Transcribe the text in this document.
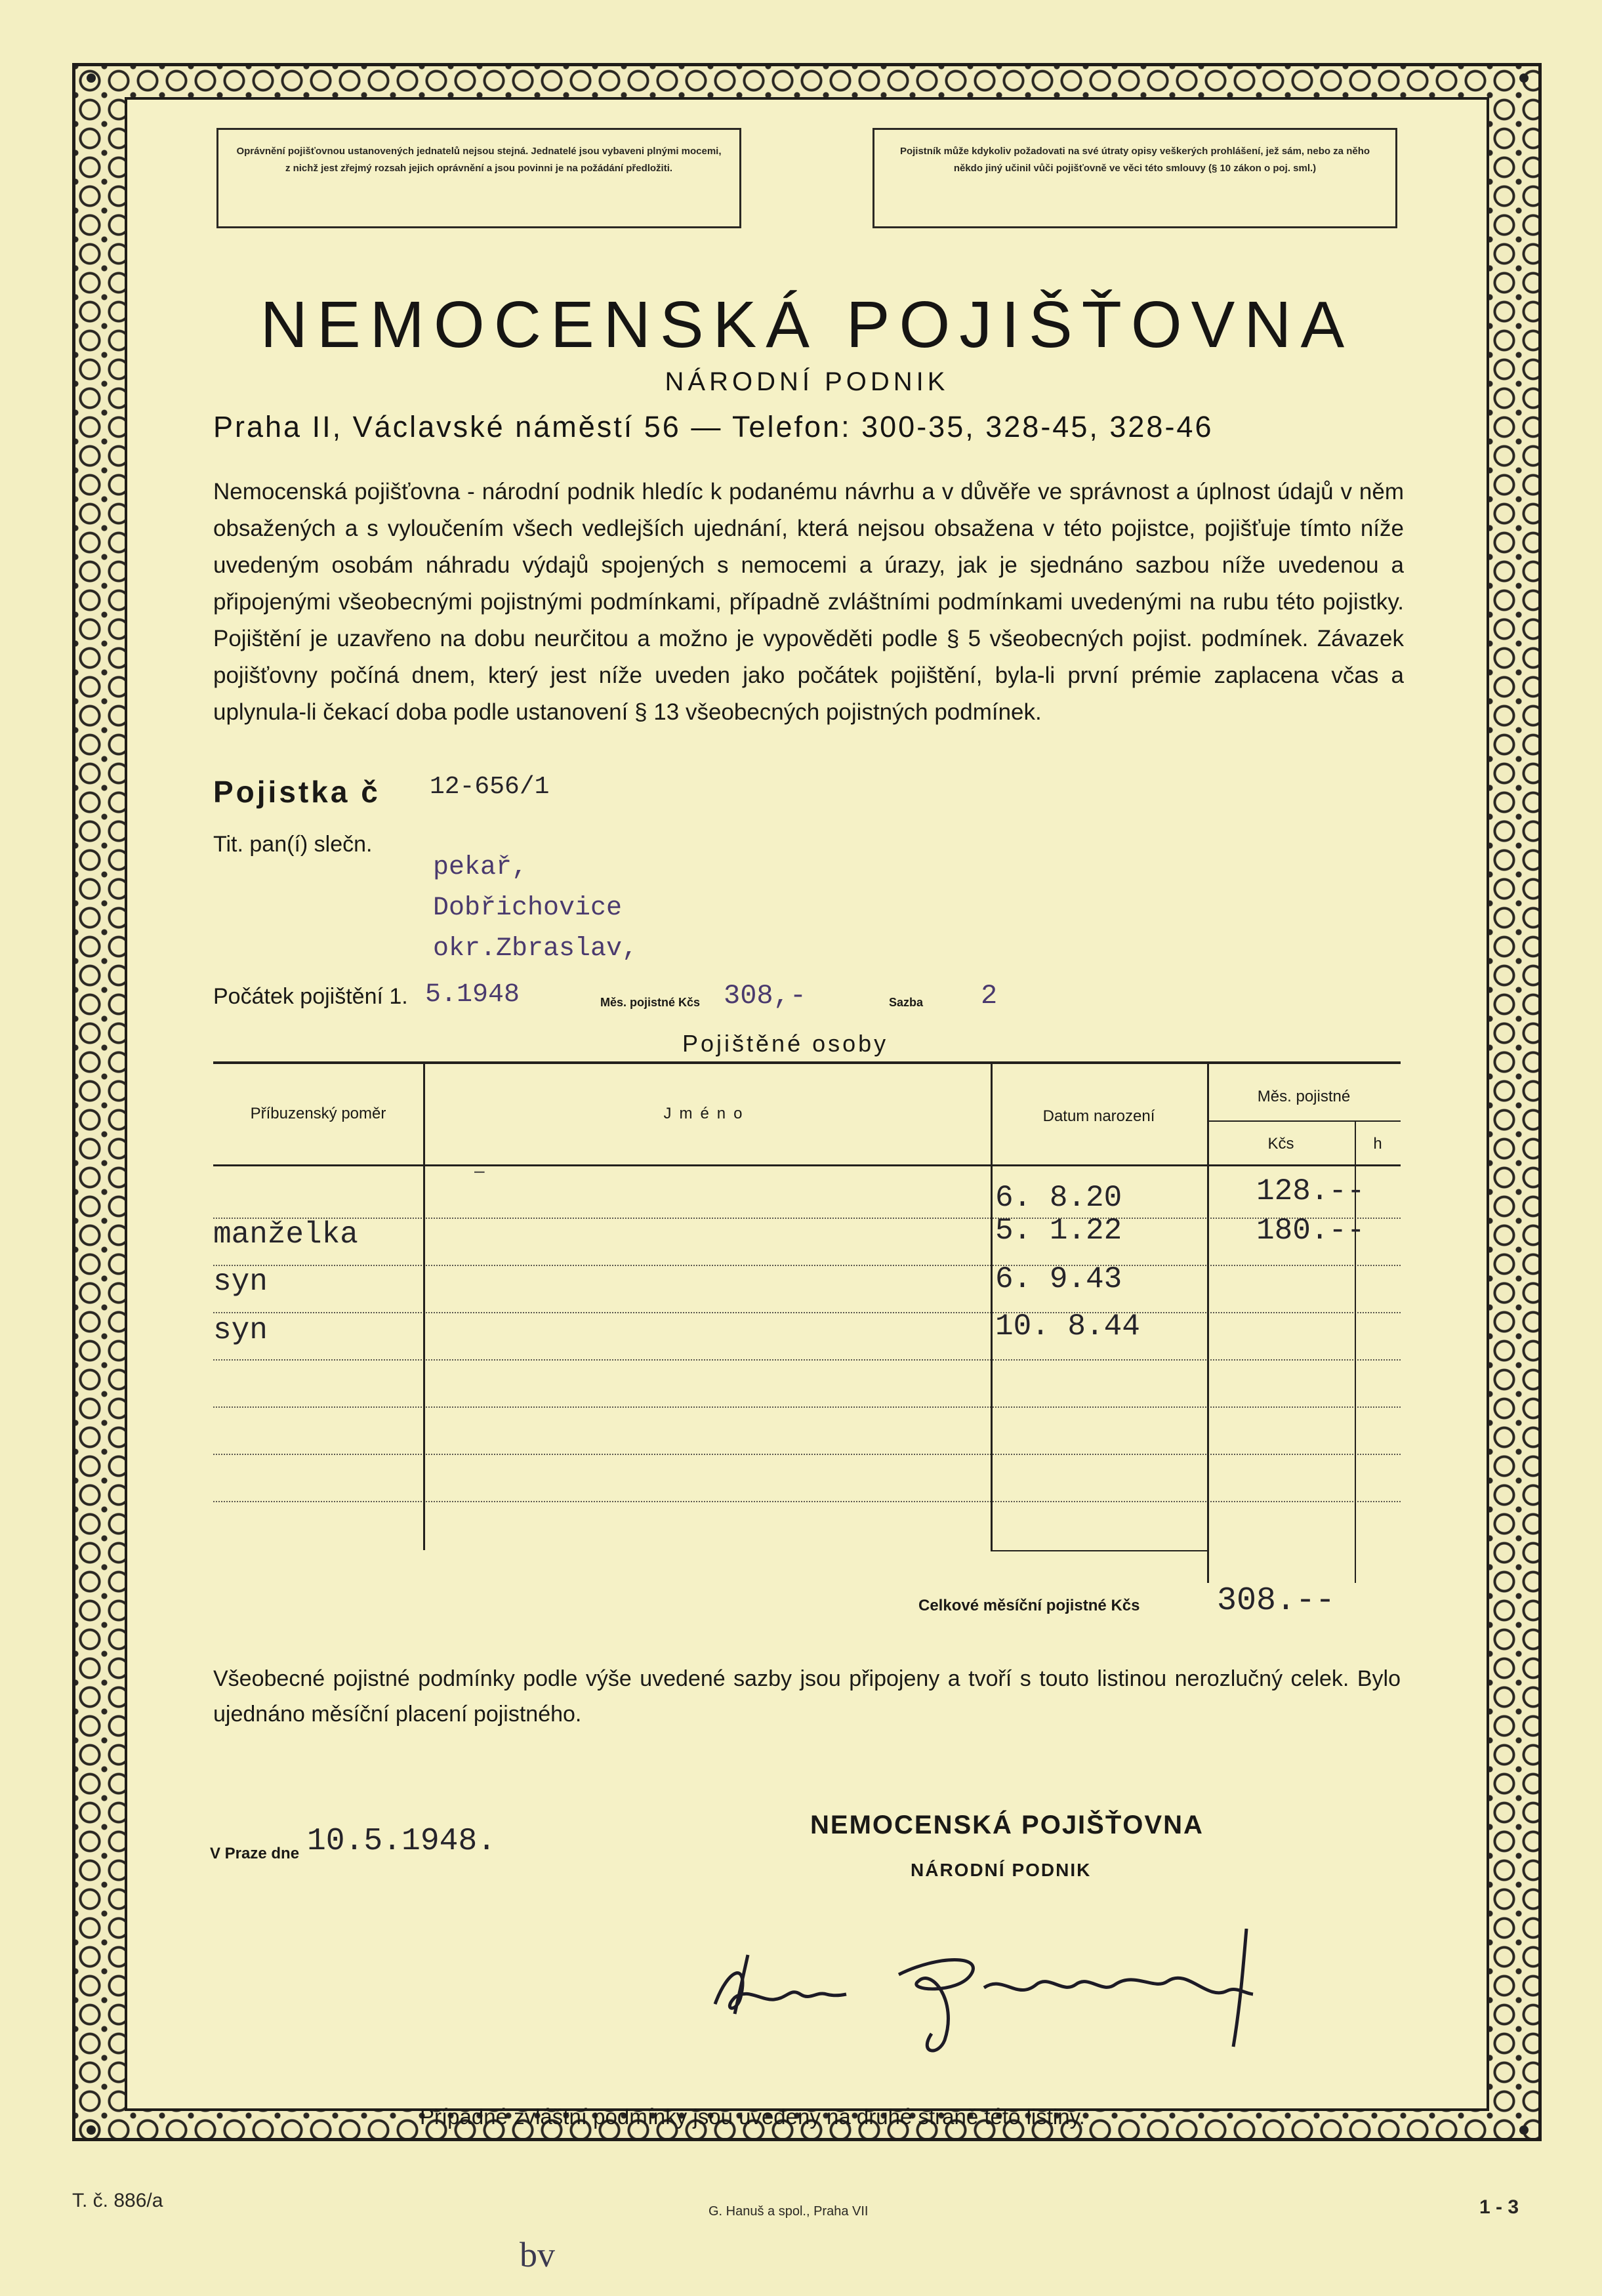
Oprávnění pojišťovnou ustanovených jednatelů nejsou stejná. Jednatelé jsou vybaveni plnými mocemi, z nichž jest zřejmý rozsah jejich oprávnění a jsou povinni je na požádání předložiti.
Pojistník může kdykoliv požadovati na své útraty opisy veškerých prohlášení, jež sám, nebo za něho někdo jiný učinil vůči pojišťovně ve věci této smlouvy (§ 10 zákon o poj. sml.)
NEMOCENSKÁ POJIŠŤOVNA
NÁRODNÍ PODNIK
Praha II, Václavské náměstí 56 — Telefon: 300-35, 328-45, 328-46
Nemocenská pojišťovna - národní podnik hledíc k podanému návrhu a v důvěře ve správnost a úplnost údajů v něm obsažených a s vyloučením všech vedlejších ujednání, která nejsou obsažena v této pojistce, pojišťuje tímto níže uvedeným osobám náhradu výdajů spojených s nemocemi a úrazy, jak je sjednáno sazbou níže uvedenou a připojenými všeobecnými pojistnými podmínkami, případně zvláštními podmínkami uvedenými na rubu této pojistky. Pojištění je uzavřeno na dobu neurčitou a možno je vypověděti podle § 5 všeobecných pojist. podmínek. Závazek pojišťovny počíná dnem, který jest níže uveden jako počátek pojištění, byla-li první prémie zaplacena včas a uplynula-li čekací doba podle ustanovení § 13 všeobecných pojistných podmínek.
Pojistka č 12-656/1
Tit. pan(í) slečn.
pekař,
Dobřichovice
okr.Zbraslav,
Počátek pojištění 1. 5.1948	Měs. pojistné Kčs 308,-	Sazba 2
Pojištěné osoby
Příbuzenský poměr	Jméno	Datum narození
Měs. pojistné
Kčs	h
–
6. 8.20	128.--
manželka	5. 1.22	180.--
syn	6. 9.43
syn	10. 8.44
Celkové měsíční pojistné Kčs 308.--
Všeobecné pojistné podmínky podle výše uvedené sazby jsou připojeny a tvoří s touto listinou nerozlučný celek. Bylo ujednáno měsíční placení pojistného.
V Praze dne 10.5.1948.	NEMOCENSKÁ POJIŠŤOVNA
NÁRODNÍ PODNIK
Případné zvláštní podmínky jsou uvedeny na druhé straně této listiny.
T. č. 886/a	G. Hanuš a spol., Praha VII	1 - 3
bv
